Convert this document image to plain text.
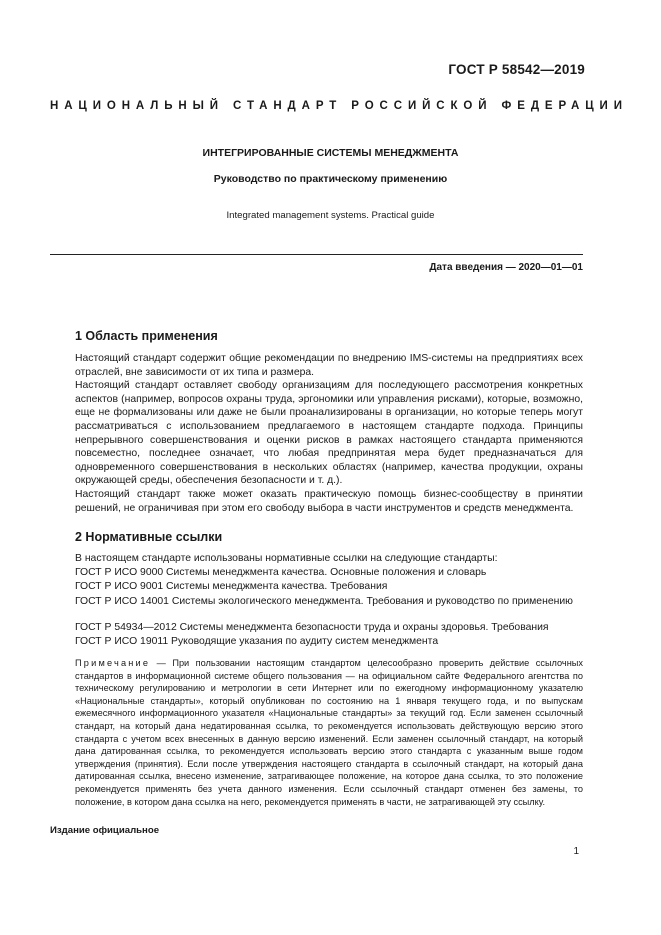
ГОСТ Р 58542—2019
НАЦИОНАЛЬНЫЙ СТАНДАРТ РОССИЙСКОЙ ФЕДЕРАЦИИ
ИНТЕГРИРОВАННЫЕ СИСТЕМЫ МЕНЕДЖМЕНТА
Руководство по практическому применению
Integrated management systems. Practical guide
Дата введения — 2020—01—01
1 Область применения

Настоящий стандарт содержит общие рекомендации по внедрению IMS-системы на предприятиях всех отраслей, вне зависимости от их типа и размера.

Настоящий стандарт оставляет свободу организациям для последующего рассмотрения конкретных аспектов (например, вопросов охраны труда, эргономики или управления рисками), которые, возможно, еще не формализованы или даже не были проанализированы в организации, но которые теперь могут рассматриваться с использованием предлагаемого в настоящем стандарте подхода. Принципы непрерывного совершенствования и оценки рисков в рамках настоящего стандарта применяются повсеместно, последнее означает, что любая предпринятая мера будет предназначаться для одновременного совершенствования в нескольких областях (например, качества продукции, охраны окружающей среды, обеспечения безопасности и т. д.).

Настоящий стандарт также может оказать практическую помощь бизнес-сообществу в принятии решений, не ограничивая при этом его свободу выбора в части инструментов и средств менеджмента.

2 Нормативные ссылки
В настоящем стандарте использованы нормативные ссылки на следующие стандарты:
ГОСТ Р ИСО 9000 Системы менеджмента качества. Основные положения и словарь
ГОСТ Р ИСО 9001 Системы менеджмента качества. Требования

ГОСТ Р ИСО 14001 Системы экологического менеджмента. Требования и руководство по применению

ГОСТ Р 54934—2012 Системы менеджмента безопасности труда и охраны здоровья. Требования
ГОСТ Р ИСО 19011 Руководящие указания по аудиту систем менеджмента

Примечание — При пользовании настоящим стандартом целесообразно проверить действие ссылочных стандартов в информационной системе общего пользования — на официальном сайте Федерального агентства по техническому регулированию и метрологии в сети Интернет или по ежегодному информационному указателю «Национальные стандарты», который опубликован по состоянию на 1 января текущего года, и по выпускам ежемесячного информационного указателя «Национальные стандарты» за текущий год. Если заменен ссылочный стандарт, на который дана недатированная ссылка, то рекомендуется использовать действующую версию этого стандарта с учетом всех внесенных в данную версию изменений. Если заменен ссылочный стандарт, на который дана датированная ссылка, то рекомендуется использовать версию этого стандарта с указанным выше годом утверждения (принятия). Если после утверждения настоящего стандарта в ссылочный стандарт, на который дана датированная ссылка, внесено изменение, затрагивающее положение, на которое дана ссылка, то это положение рекомендуется применять без учета данного изменения. Если ссылочный стандарт отменен без замены, то положение, в котором дана ссылка на него, рекомендуется применять в части, не затрагивающей эту ссылку.

Издание официальное
1
